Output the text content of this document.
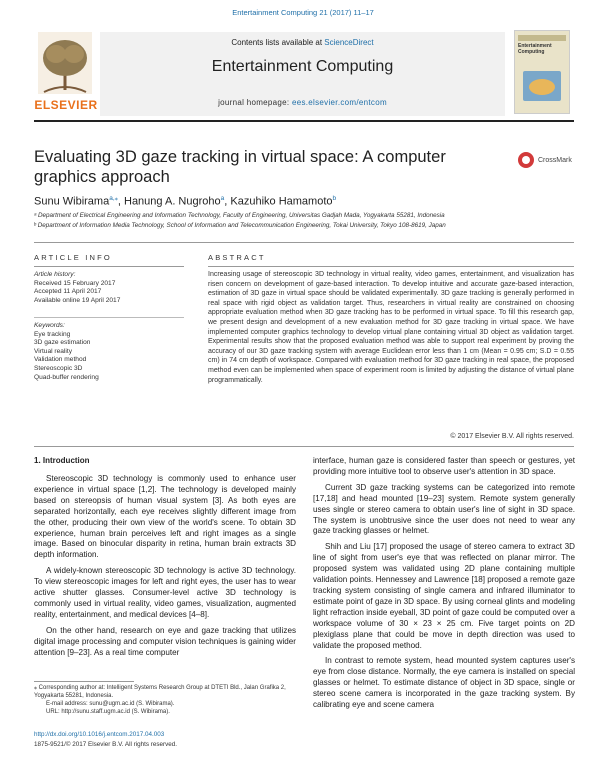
Entertainment Computing 21 (2017) 11–17
Contents lists available at ScienceDirect
Entertainment Computing
journal homepage: ees.elsevier.com/entcom
ELSEVIER
Entertainment Computing
Evaluating 3D gaze tracking in virtual space: A computer graphics approach
CrossMark
Sunu Wibirama$^{a,⁎}$, Hanung A. Nugroho$^a$, Kazuhiko Hamamoto$^b$
ᵃ Department of Electrical Engineering and Information Technology, Faculty of Engineering, Universitas Gadjah Mada, Yogyakarta 55281, Indonesia
ᵇ Department of Information Media Technology, School of Information and Telecommunication Engineering, Tokai University, Tokyo 108-8619, Japan
ARTICLE INFO	ABSTRACT
Article history:
Received 15 February 2017
Accepted 11 April 2017
Available online 19 April 2017
Keywords:
Eye tracking
3D gaze estimation
Virtual reality
Validation method
Stereoscopic 3D
Quad-buffer rendering
Increasing usage of stereoscopic 3D technology in virtual reality, video games, entertainment, and visualization has risen concern on development of gaze-based interaction. To develop intuitive and accurate gaze-based interaction, estimation of 3D gaze in virtual space should be validated experimentally. 3D gaze tracking is generally performed in real space with rigid object as validation target. Thus, researchers in virtual reality are constrained on choosing appropriate evaluation method when 3D gaze tracking has to be performed in virtual space. To fill this research gap, we present design and development of a new evaluation method for 3D gaze tracking in virtual space. We have implemented computer graphics technology to develop virtual plane containing virtual 3D object as validation target. Experimental results show that the proposed evaluation method was able to support real experiment by proving the accuracy of our 3D gaze tracking system with average Euclidean error less than 1 cm (Mean = 0.95 cm; S.D = 0.55 cm) in 74 cm depth of workspace. Compared with evaluation method for 3D gaze tracking in real space, the proposed method even can be implemented when space of experiment room is limited by adjusting the distance of virtual plane programmatically.
© 2017 Elsevier B.V. All rights reserved.
1. Introduction

Stereoscopic 3D technology is commonly used to enhance user experience in virtual space [1,2]. The technology is developed mainly based on stereopsis of human visual system [3]. As both eyes are separated horizontally, each eye receives slightly different image from the other, producing their own view of the world's scene. To obtain 3D experience, human brain perceives left and right images as a single image. Based on binocular disparity in retina, human brain extracts 3D depth information.

A widely-known stereoscopic 3D technology is active 3D technology. To view stereoscopic images for left and right eyes, the user has to wear active shutter glasses. Consumer-level active 3D technology is commonly used in virtual reality, video games, visualization, augmented reality, entertainment, and medical devices [4–8].

On the other hand, research on eye and gaze tracking that utilizes digital image processing and computer vision techniques is gaining wider attention [9–23]. As a real time computer

interface, human gaze is considered faster than speech or gestures, yet providing more intuitive tool to observe user's attention in 3D space.

Current 3D gaze tracking systems can be categorized into remote [17,18] and head mounted [19–23] system. Remote system generally uses single or stereo camera to obtain user's line of sight in 3D space. The system is unobtrusive since the user does not need to wear any gaze tracking glasses or helmet.

Shih and Liu [17] proposed the usage of stereo camera to extract 3D line of sight from user's eye that was reflected on planar mirror. The proposed system was validated using 2D plane containing multiple validation points. Hennessey and Lawrence [18] proposed a remote gaze tracking system consisting of single camera and infrared illuminator to estimate point of gaze in 3D space. By using corneal glints and modeling light refraction inside eyeball, 3D point of gaze could be computed over a workspace volume of 30 × 23 × 25 cm. Five target points on 2D plexiglass plane that could be move in depth direction was used to validate the proposed method.

In contrast to remote system, head mounted system captures user's eye from close distance. Normally, the eye camera is installed on special glasses or helmet. To estimate distance of object in 3D space, single or stereo scene camera is incorporated in the gaze tracking system. By calibrating eye and scene camera

⁎ Corresponding author at: Intelligent Systems Research Group at DTETI Bld., Jalan Grafika 2, Yogyakarta 55281, Indonesia.
E-mail address: sunu@ugm.ac.id (S. Wibirama).
URL: http://sunu.staff.ugm.ac.id (S. Wibirama).
http://dx.doi.org/10.1016/j.entcom.2017.04.003
1875-9521/© 2017 Elsevier B.V. All rights reserved.
